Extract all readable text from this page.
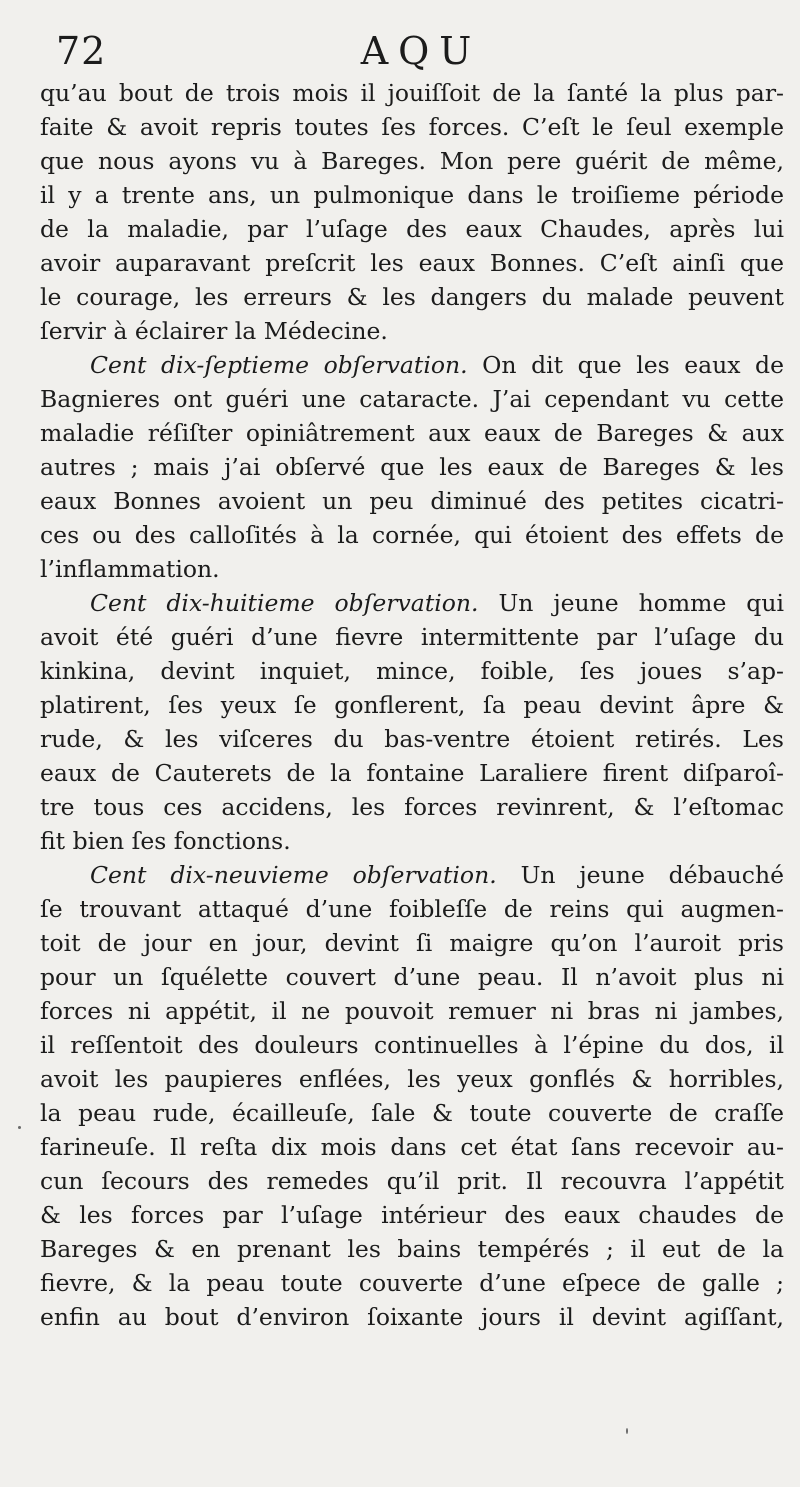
72	AQU
qu’au bout de trois mois il jouiſſoit de la ſanté la plus par-
faite & avoit repris toutes ſes forces. C’eſt le ſeul exemple
que nous ayons vu à Bareges. Mon pere guérit de même,
il y a trente ans, un pulmonique dans le troiſieme période
de la maladie, par l’uſage des eaux Chaudes, après lui
avoir auparavant preſcrit les eaux Bonnes. C’eſt ainſi que
le courage, les erreurs & les dangers du malade peuvent
ſervir à éclairer la Médecine.
Cent dix-ſeptieme obſervation. On dit que les eaux de
Bagnieres ont guéri une cataracte. J’ai cependant vu cette
maladie réſiſter opiniâtrement aux eaux de Bareges & aux
autres ; mais j’ai obſervé que les eaux de Bareges & les
eaux Bonnes avoient un peu diminué des petites cicatri-
ces ou des calloſités à la cornée, qui étoient des effets de
l’inflammation.
Cent dix-huitieme obſervation. Un jeune homme qui
avoit été guéri d’une fievre intermittente par l’uſage du
kinkina, devint inquiet, mince, foible, ſes joues s’ap-
platirent, ſes yeux ſe gonflerent, ſa peau devint âpre &
rude, & les viſceres du bas-ventre étoient retirés. Les
eaux de Cauterets de la fontaine Laraliere firent diſparoî-
tre tous ces accidens, les forces revinrent, & l’eſtomac
fit bien ſes fonctions.
Cent dix-neuvieme obſervation. Un jeune débauché
ſe trouvant attaqué d’une foibleſſe de reins qui augmen-
toit de jour en jour, devint ſi maigre qu’on l’auroit pris
pour un ſquélette couvert d’une peau. Il n’avoit plus ni
forces ni appétit, il ne pouvoit remuer ni bras ni jambes,
il reſſentoit des douleurs continuelles à l’épine du dos, il
avoit les paupieres enflées, les yeux gonflés & horribles,
la peau rude, écailleuſe, ſale & toute couverte de craſſe
farineuſe. Il reſta dix mois dans cet état ſans recevoir au-
cun ſecours des remedes qu’il prit. Il recouvra l’appétit
& les forces par l’uſage intérieur des eaux chaudes de
Bareges & en prenant les bains tempérés ; il eut de la
fievre, & la peau toute couverte d’une eſpece de galle ;
enfin au bout d’environ ſoixante jours il devint agiſſant,
